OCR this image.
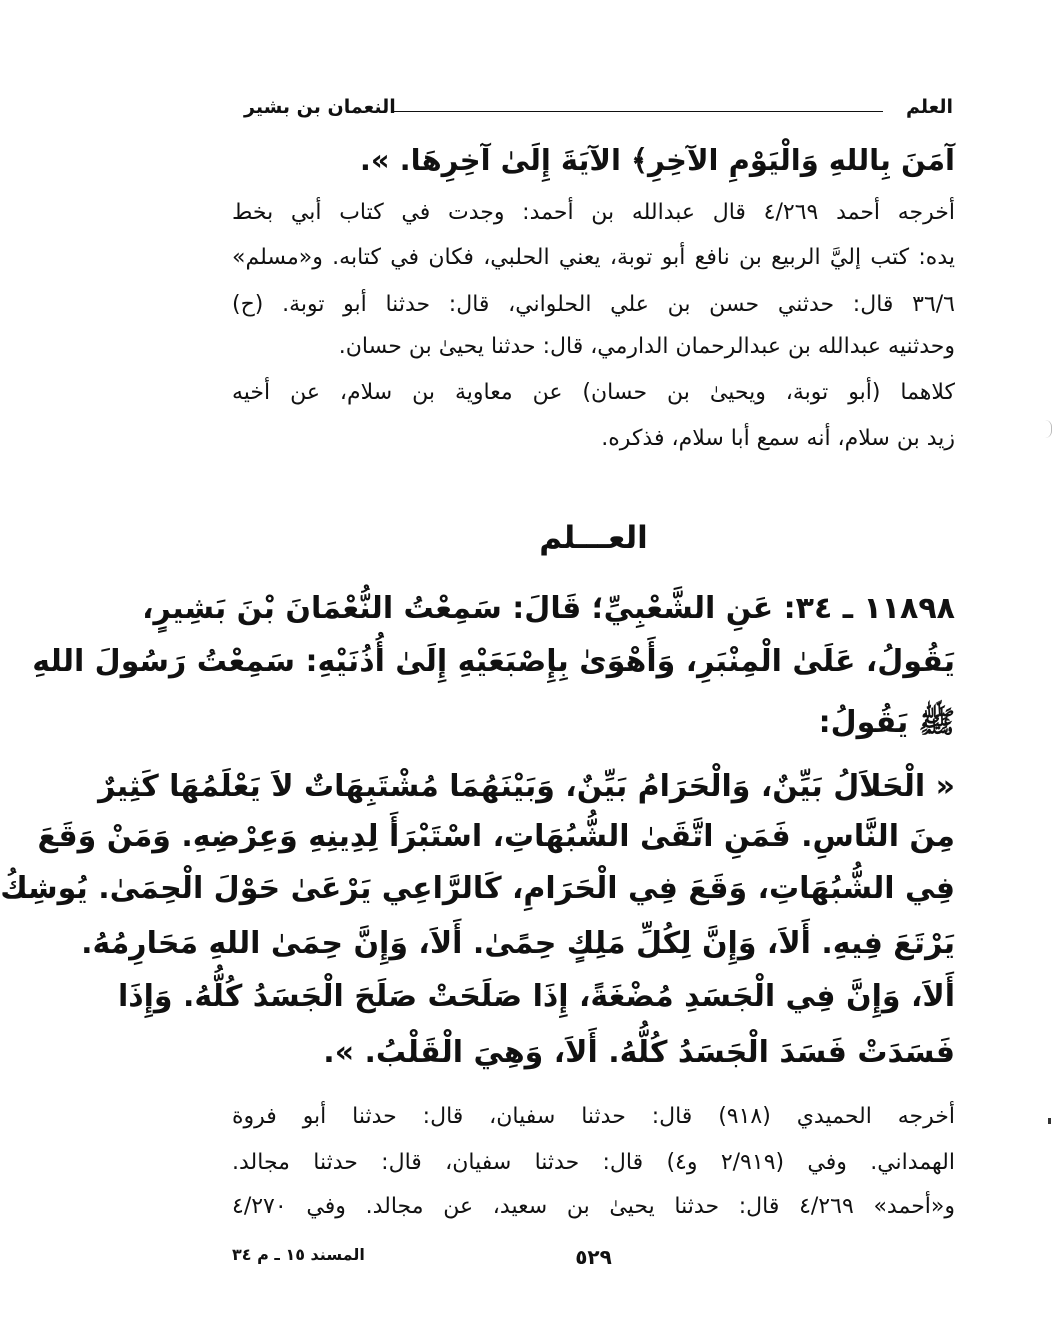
العلم
النعمان بن بشير
آمَنَ بِاللهِ وَالْيَوْمِ الآخِرِ﴾ الآيَةَ إِلَىٰ آخِرِهَا. ».
أخرجه أحمد ٤/٢٦٩ قال عبدالله بن أحمد: وجدت في كتاب أبي بخط
يده: كتب إليَّ الربيع بن نافع أبو توبة، يعني الحلبي، فكان في كتابه. و«مسلم»
٣٦/٦ قال: حدثني حسن بن علي الحلواني، قال: حدثنا أبو توبة. (ح)
وحدثنيه عبدالله بن عبدالرحمان الدارمي، قال: حدثنا يحيىٰ بن حسان.
كلاهما (أبو توبة، ويحيىٰ بن حسان) عن معاوية بن سلام، عن أخيه
زيد بن سلام، أنه سمع أبا سلام، فذكره.
العـــلم
١١٨٩٨ ـ ٣٤: عَنِ الشَّعْبِيِّ؛ قَالَ: سَمِعْتُ النُّعْمَانَ بْنَ بَشِيرٍ،
يَقُولُ، عَلَىٰ الْمِنْبَرِ، وَأَهْوَىٰ بِإِصْبَعَيْهِ إِلَىٰ أُذُنَيْهِ: سَمِعْتُ رَسُولَ اللهِ
ﷺ يَقُولُ:
« الْحَلاَلُ بَيِّنٌ، وَالْحَرَامُ بَيِّنٌ، وَبَيْنَهُمَا مُشْتَبِهَاتٌ لاَ يَعْلَمُهَا كَثِيرٌ
مِنَ النَّاسِ. فَمَنِ اتَّقَىٰ الشُّبُهَاتِ، اسْتَبْرَأَ لِدِينِهِ وَعِرْضِهِ. وَمَنْ وَقَعَ
فِي الشُّبُهَاتِ، وَقَعَ فِي الْحَرَامِ، كَالرَّاعِي يَرْعَىٰ حَوْلَ الْحِمَىٰ. يُوشِكُ
يَرْتَعَ فِيهِ. أَلاَ، وَإِنَّ لِكُلِّ مَلِكٍ حِمًىٰ. أَلاَ، وَإِنَّ حِمَىٰ اللهِ مَحَارِمُهُ.
أَلاَ، وَإِنَّ فِي الْجَسَدِ مُضْغَةً، إِذَا صَلَحَتْ صَلَحَ الْجَسَدُ كُلُّهُ. وَإِذَا
فَسَدَتْ فَسَدَ الْجَسَدُ كُلُّهُ. أَلاَ، وَهِيَ الْقَلْبُ. ».
أخرجه الحميدي (٩١٨) قال: حدثنا سفيان، قال: حدثنا أبو فروة
الهمداني. وفي (٢/٩١٩ و٤) قال: حدثنا سفيان، قال: حدثنا مجالد.
و«أحمد» ٤/٢٦٩ قال: حدثنا يحيىٰ بن سعيد، عن مجالد. وفي ٤/٢٧٠
٥٢٩
المسند ١٥ ـ م ٣٤
